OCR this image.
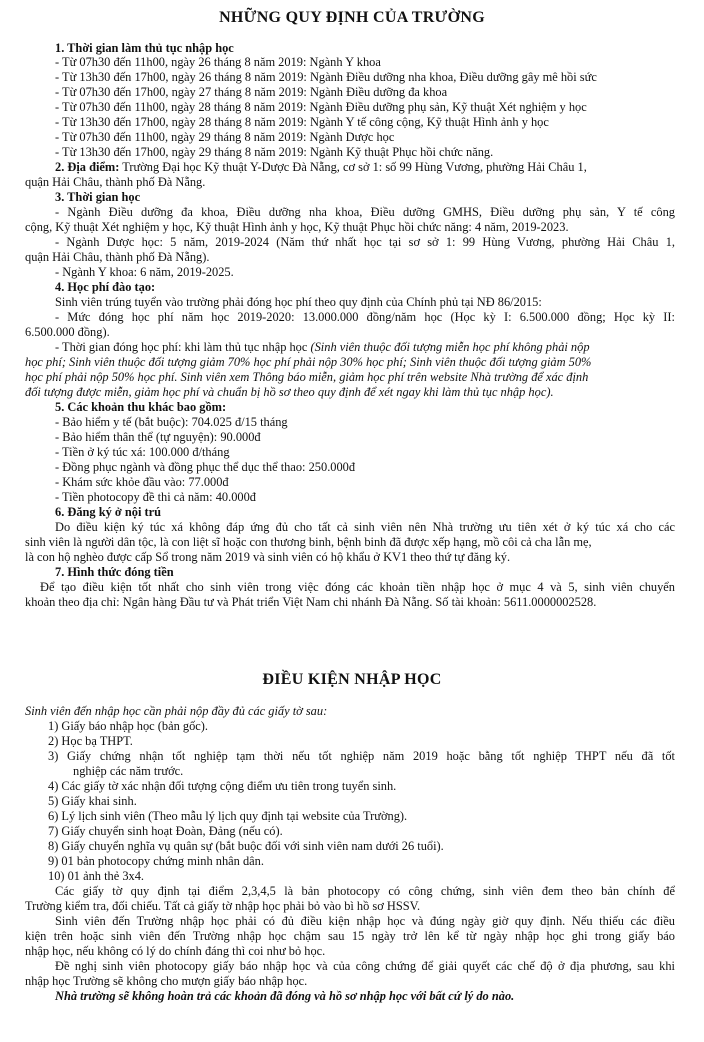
NHỮNG QUY ĐỊNH CỦA TRƯỜNG
1. Thời gian làm thủ tục nhập học
- Từ 07h30 đến 11h00, ngày 26 tháng 8 năm 2019: Ngành Y khoa
- Từ 13h30 đến 17h00, ngày 26 tháng 8 năm 2019: Ngành Điều dưỡng nha khoa, Điều dưỡng gây mê hồi sức
- Từ 07h30 đến 17h00, ngày 27 tháng 8 năm 2019: Ngành Điều dưỡng đa khoa
- Từ 07h30 đến 11h00, ngày 28 tháng 8 năm 2019: Ngành Điều dưỡng phụ sản, Kỹ thuật Xét nghiệm y học
- Từ 13h30 đến 17h00, ngày 28 tháng 8 năm 2019: Ngành Y tế công cộng, Kỹ thuật Hình ảnh y học
- Từ 07h30 đến 11h00, ngày 29 tháng 8 năm 2019: Ngành Dược học
- Từ 13h30 đến 17h00, ngày 29 tháng 8 năm 2019: Ngành Kỹ thuật Phục hồi chức năng.
2. Địa điểm: Trường Đại học Kỹ thuật Y-Dược Đà Nẵng, cơ sở 1: số 99 Hùng Vương, phường Hải Châu 1,
quận Hải Châu, thành phố Đà Nẵng.
3. Thời gian học
- Ngành Điều dưỡng đa khoa, Điều dưỡng nha khoa, Điều dưỡng GMHS, Điều dưỡng phụ sản, Y tế công
cộng, Kỹ thuật Xét nghiệm y học, Kỹ thuật Hình ảnh y học, Kỹ thuật Phục hồi chức năng: 4 năm, 2019-2023.
- Ngành Dược học: 5 năm, 2019-2024 (Năm thứ nhất học tại sơ sở 1: 99 Hùng Vương, phường Hải Châu 1,
quận Hải Châu, thành phố Đà Nẵng).
- Ngành Y khoa: 6 năm, 2019-2025.
4. Học phí đào tạo:
Sinh viên trúng tuyển vào trường phải đóng học phí theo quy định của Chính phủ tại NĐ 86/2015:
- Mức đóng học phí năm học 2019-2020: 13.000.000 đồng/năm học (Học kỳ I: 6.500.000 đồng; Học kỳ II:
6.500.000 đồng).
- Thời gian đóng học phí: khi làm thủ tục nhập học (Sinh viên thuộc đối tượng miễn học phí không phải nộp
học phí; Sinh viên thuộc đối tượng giảm 70% học phí phải nộp 30% học phí; Sinh viên thuộc đối tượng giảm 50%
học phí phải nộp 50% học phí. Sinh viên xem Thông báo miễn, giảm học phí trên website Nhà trường để xác định
đối tượng được miễn, giảm học phí và chuẩn bị hồ sơ theo quy định để xét ngay khi làm thủ tục nhập học).
5. Các khoản thu khác bao gồm:
- Bảo hiểm y tế (bắt buộc): 704.025 đ/15 tháng
- Bảo hiểm thân thể (tự nguyện): 90.000đ
- Tiền ở ký túc xá: 100.000 đ/tháng
- Đồng phục ngành và đồng phục thể dục thể thao: 250.000đ
- Khám sức khỏe đầu vào: 77.000đ
- Tiền photocopy đề thi cả năm: 40.000đ
6. Đăng ký ở nội trú
Do điều kiện ký túc xá không đáp ứng đủ cho tất cả sinh viên nên Nhà trường ưu tiên xét ở ký túc xá cho các
sinh viên là người dân tộc, là con liệt sĩ hoặc con thương binh, bệnh binh đã được xếp hạng, mồ côi cả cha lẫn mẹ,
là con hộ nghèo được cấp Sổ trong năm 2019 và sinh viên có hộ khẩu ở KV1 theo thứ tự đăng ký.
7. Hình thức đóng tiền
Để tạo điều kiện tốt nhất cho sinh viên trong việc đóng các khoản tiền nhập học ở mục 4 và 5, sinh viên chuyển
khoản theo địa chỉ: Ngân hàng Đầu tư và Phát triển Việt Nam chi nhánh Đà Nẵng. Số tài khoản: 5611.0000002528.
ĐIỀU KIỆN NHẬP HỌC
Sinh viên đến nhập học cần phải nộp đầy đủ các giấy tờ sau:
1) Giấy báo nhập học (bản gốc).
2) Học bạ THPT.
3) Giấy chứng nhận tốt nghiệp tạm thời nếu tốt nghiệp năm 2019 hoặc bằng tốt nghiệp THPT nếu đã tốt
nghiệp các năm trước.
4) Các giấy tờ xác nhận đối tượng cộng điểm ưu tiên trong tuyển sinh.
5) Giấy khai sinh.
6) Lý lịch sinh viên (Theo mẫu lý lịch quy định tại website của Trường).
7) Giấy chuyển sinh hoạt Đoàn, Đảng (nếu có).
8) Giấy chuyển nghĩa vụ quân sự (bắt buộc đối với sinh viên nam dưới 26 tuổi).
9) 01 bản photocopy chứng minh nhân dân.
10) 01 ảnh thẻ 3x4.
Các giấy tờ quy định tại điểm 2,3,4,5 là bản photocopy có công chứng, sinh viên đem theo bản chính để
Trường kiểm tra, đối chiếu. Tất cả giấy tờ nhập học phải bỏ vào bì hồ sơ HSSV.
Sinh viên đến Trường nhập học phải có đủ điều kiện nhập học và đúng ngày giờ quy định. Nếu thiếu các điều
kiện trên hoặc sinh viên đến Trường nhập học chậm sau 15 ngày trở lên kể từ ngày nhập học ghi trong giấy báo
nhập học, nếu không có lý do chính đáng thì coi như bỏ học.
Đề nghị sinh viên photocopy giấy báo nhập học và của công chứng để giải quyết các chế độ ở địa phương, sau khi
nhập học Trường sẽ không cho mượn giấy báo nhập học.
Nhà trường sẽ không hoàn trả các khoản đã đóng và hồ sơ nhập học với bất cứ lý do nào.
